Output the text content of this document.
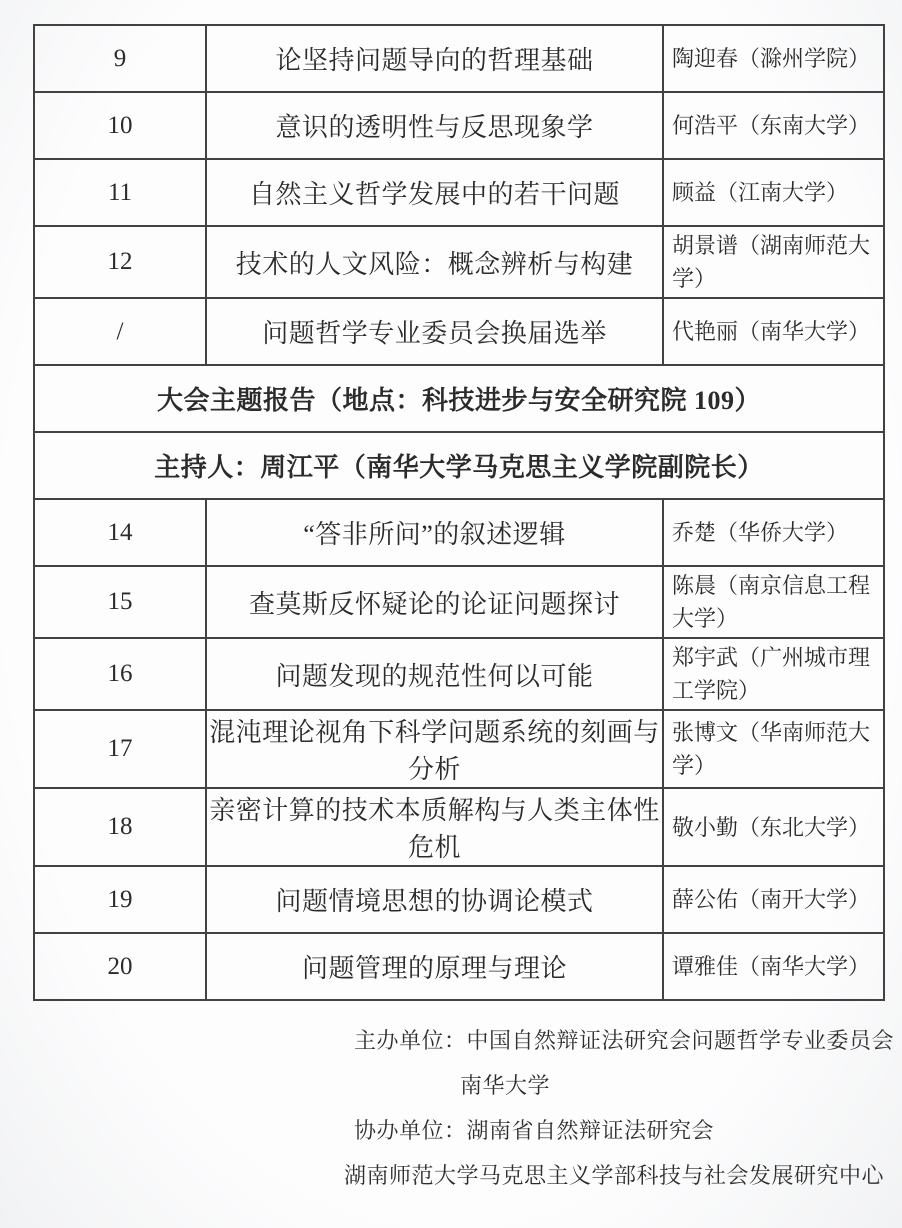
9	论坚持问题导向的哲理基础	陶迎春（滁州学院）
10	意识的透明性与反思现象学	何浩平（东南大学）
11	自然主义哲学发展中的若干问题	顾益（江南大学）
12	技术的人文风险：概念辨析与构建	胡景谱（湖南师范大学）
/	问题哲学专业委员会换届选举	代艳丽（南华大学）
大会主题报告（地点：科技进步与安全研究院 109）		
主持人：周江平（南华大学马克思主义学院副院长）		
14	“答非所问”的叙述逻辑	乔楚（华侨大学）
15	查莫斯反怀疑论的论证问题探讨	陈晨（南京信息工程大学）
16	问题发现的规范性何以可能	郑宇武（广州城市理工学院）
17	混沌理论视角下科学问题系统的刻画与分析	张博文（华南师范大学）
18	亲密计算的技术本质解构与人类主体性危机	敬小勤（东北大学）
19	问题情境思想的协调论模式	薛公佑（南开大学）
20	问题管理的原理与理论	谭雅佳（南华大学）
主办单位：中国自然辩证法研究会问题哲学专业委员会
南华大学
协办单位：湖南省自然辩证法研究会
湖南师范大学马克思主义学部科技与社会发展研究中心
